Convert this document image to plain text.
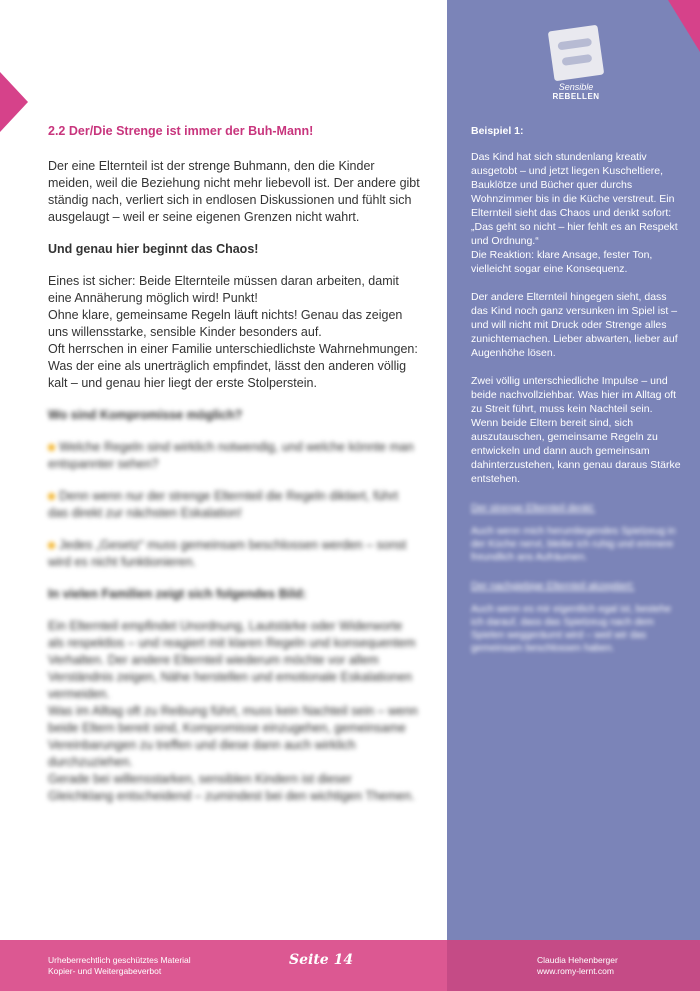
Sensible
REBELLEN
2.2 Der/Die Strenge ist immer der Buh-Mann!

Der eine Elternteil ist der strenge Buhmann, den die Kinder meiden, weil die Beziehung nicht mehr liebevoll ist. Der andere gibt ständig nach, verliert sich in endlosen Diskussionen und fühlt sich ausgelaugt – weil er seine eigenen Grenzen nicht wahrt.

Und genau hier beginnt das Chaos!
Eines ist sicher: Beide Elternteile müssen daran arbeiten, damit eine Annäherung möglich wird! Punkt!
Ohne klare, gemeinsame Regeln läuft nichts! Genau das zeigen uns willensstarke, sensible Kinder besonders auf.

Oft herrschen in einer Familie unterschiedlichste Wahrnehmungen: Was der eine als unerträglich empfindet, lässt den anderen völlig kalt – und genau hier liegt der erste Stolperstein.

Wo sind Kompromisse möglich?

Welche Regeln sind wirklich notwendig, und welche könnte man entspannter sehen?

Denn wenn nur der strenge Elternteil die Regeln diktiert, führt das direkt zur nächsten Eskalation!

Jedes „Gesetz“ muss gemeinsam beschlossen werden – sonst wird es nicht funktionieren.

In vielen Familien zeigt sich folgendes Bild:
Ein Elternteil empfindet Unordnung, Lautstärke oder Widerworte als respektlos – und reagiert mit klaren Regeln und konsequentem Verhalten. Der andere Elternteil wiederum möchte vor allem Verständnis zeigen, Nähe herstellen und emotionale Eskalationen vermeiden.
Was im Alltag oft zu Reibung führt, muss kein Nachteil sein – wenn beide Eltern bereit sind, Kompromisse einzugehen, gemeinsame Vereinbarungen zu treffen und diese dann auch wirklich durchzuziehen.
Gerade bei willensstarken, sensiblen Kindern ist dieser Gleichklang entscheidend – zumindest bei den wichtigen Themen.
Beispiel 1:
Das Kind hat sich stundenlang kreativ ausgetobt – und jetzt liegen Kuscheltiere, Bauklötze und Bücher quer durchs Wohnzimmer bis in die Küche verstreut. Ein Elternteil sieht das Chaos und denkt sofort: „Das geht so nicht – hier fehlt es an Respekt und Ordnung.“

Die Reaktion: klare Ansage, fester Ton, vielleicht sogar eine Konsequenz.

Der andere Elternteil hingegen sieht, dass das Kind noch ganz versunken im Spiel ist – und will nicht mit Druck oder Strenge alles zunichtemachen. Lieber abwarten, lieber auf Augenhöhe lösen.

Zwei völlig unterschiedliche Impulse – und beide nachvollziehbar. Was hier im Alltag oft zu Streit führt, muss kein Nachteil sein. Wenn beide Eltern bereit sind, sich auszutauschen, gemeinsame Regeln zu entwickeln und dann auch gemeinsam dahinterzustehen, kann genau daraus Stärke entstehen.

Der strenge Elternteil denkt:
Auch wenn mich herumliegendes Spielzeug in der Küche nervt, bleibe ich ruhig und erinnere freundlich ans Aufräumen.
Der nachgiebige Elternteil akzeptiert:
Auch wenn es mir eigentlich egal ist, bestehe ich darauf, dass das Spielzeug nach dem Spielen weggeräumt wird – weil wir das gemeinsam beschlossen haben.
Urheberrechtlich geschütztes Material
Kopier- und Weitergabeverbot
Seite 14	Claudia Hehenberger
www.romy-lernt.com
